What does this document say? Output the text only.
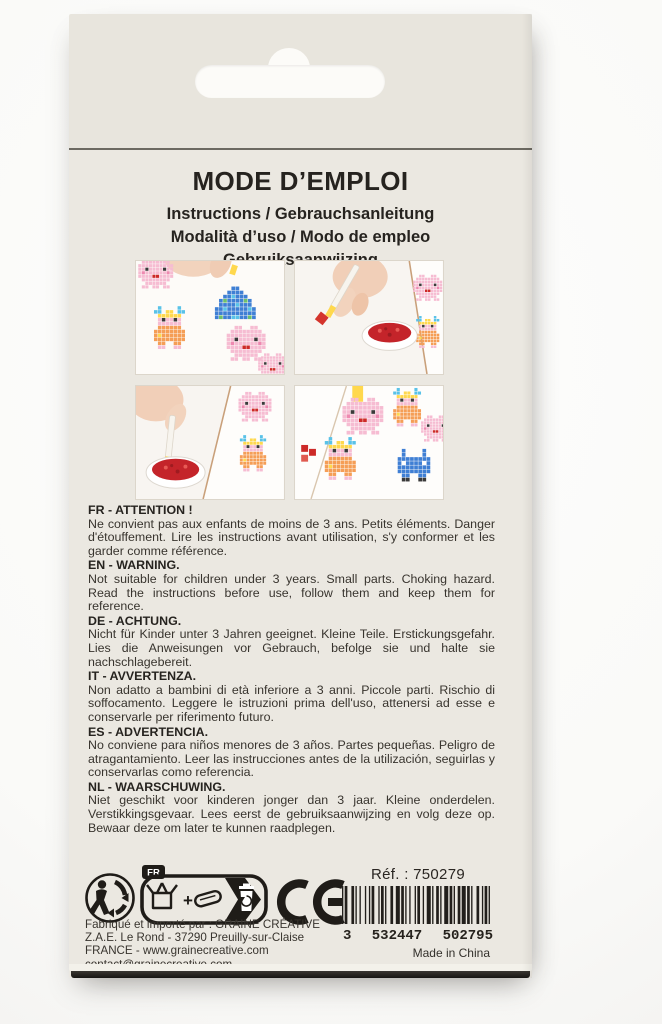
MODE D’EMPLOI
Instructions / Gebrauchsanleitung
Modalità d’uso / Modo de empleo
FR - ATTENTION !

Ne convient pas aux enfants de moins de 3 ans. Petits éléments. Danger d'étouffement. Lire les instructions avant utilisation, s'y conformer et les garder comme référence.

EN - WARNING.

Not suitable for children under 3 years. Small parts. Choking hazard. Read the instructions before use, follow them and keep them for reference.

DE - ACHTUNG.

Nicht für Kinder unter 3 Jahren geeignet. Kleine Teile. Erstickungsgefahr. Lies die Anweisungen vor Gebrauch, befolge sie und halte sie nachschlagebereit.

IT - AVVERTENZA.

Non adatto a bambini di età inferiore a 3 anni. Piccole parti. Rischio di soffocamento. Leggere le istruzioni prima dell'uso, attenersi ad esse e conservarle per riferimento futuro.

ES - ADVERTENCIA.

No conviene para niños menores de 3 años. Partes pequeñas. Peligro de atragantamiento. Leer las instrucciones antes de la utilización, seguirlas y conservarlas como referencia.

NL - WAARSCHUWING.

Niet geschikt voor kinderen jonger dan 3 jaar. Kleine onderdelen. Verstikkingsgevaar. Lees eerst de gebruiksaanwijzing en volg deze op. Bewaar deze om later te kunnen raadplegen.

FR
+
Réf. : 750279
3 532447 502795
Made in China
Fabriqué et importé par : GRAINE CRÉATIVE
Z.A.E. Le Rond - 37290 Preuilly-sur-Claise
FRANCE - www.grainecreative.com
